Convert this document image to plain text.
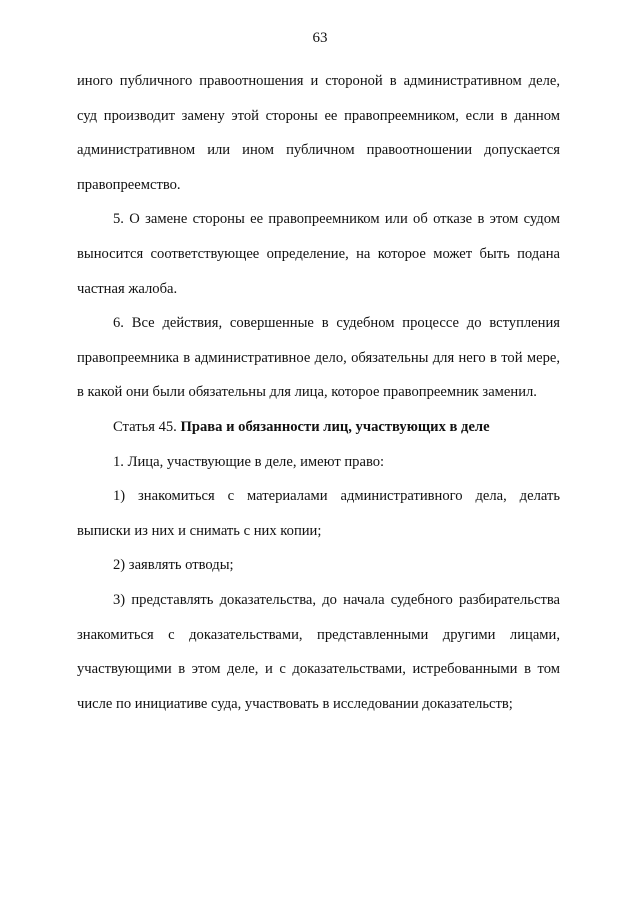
63

иного публичного правоотношения и стороной в административном деле, суд производит замену этой стороны ее правопреемником, если в данном административном или ином публичном правоотношении допускается правопреемство.

5. О замене стороны ее правопреемником или об отказе в этом судом выносится соответствующее определение, на которое может быть подана частная жалоба.

6. Все действия, совершенные в судебном процессе до вступления правопреемника в административное дело, обязательны для него в той мере, в какой они были обязательны для лица, которое правопреемник заменил.

Статья 45. Права и обязанности лиц, участвующих в деле

1. Лица, участвующие в деле, имеют право:

1) знакомиться с материалами административного дела, делать выписки из них и снимать с них копии;

2) заявлять отводы;

3) представлять доказательства, до начала судебного разбирательства знакомиться с доказательствами, представленными другими лицами, участвующими в этом деле, и с доказательствами, истребованными в том числе по инициативе суда, участвовать в исследовании доказательств;
